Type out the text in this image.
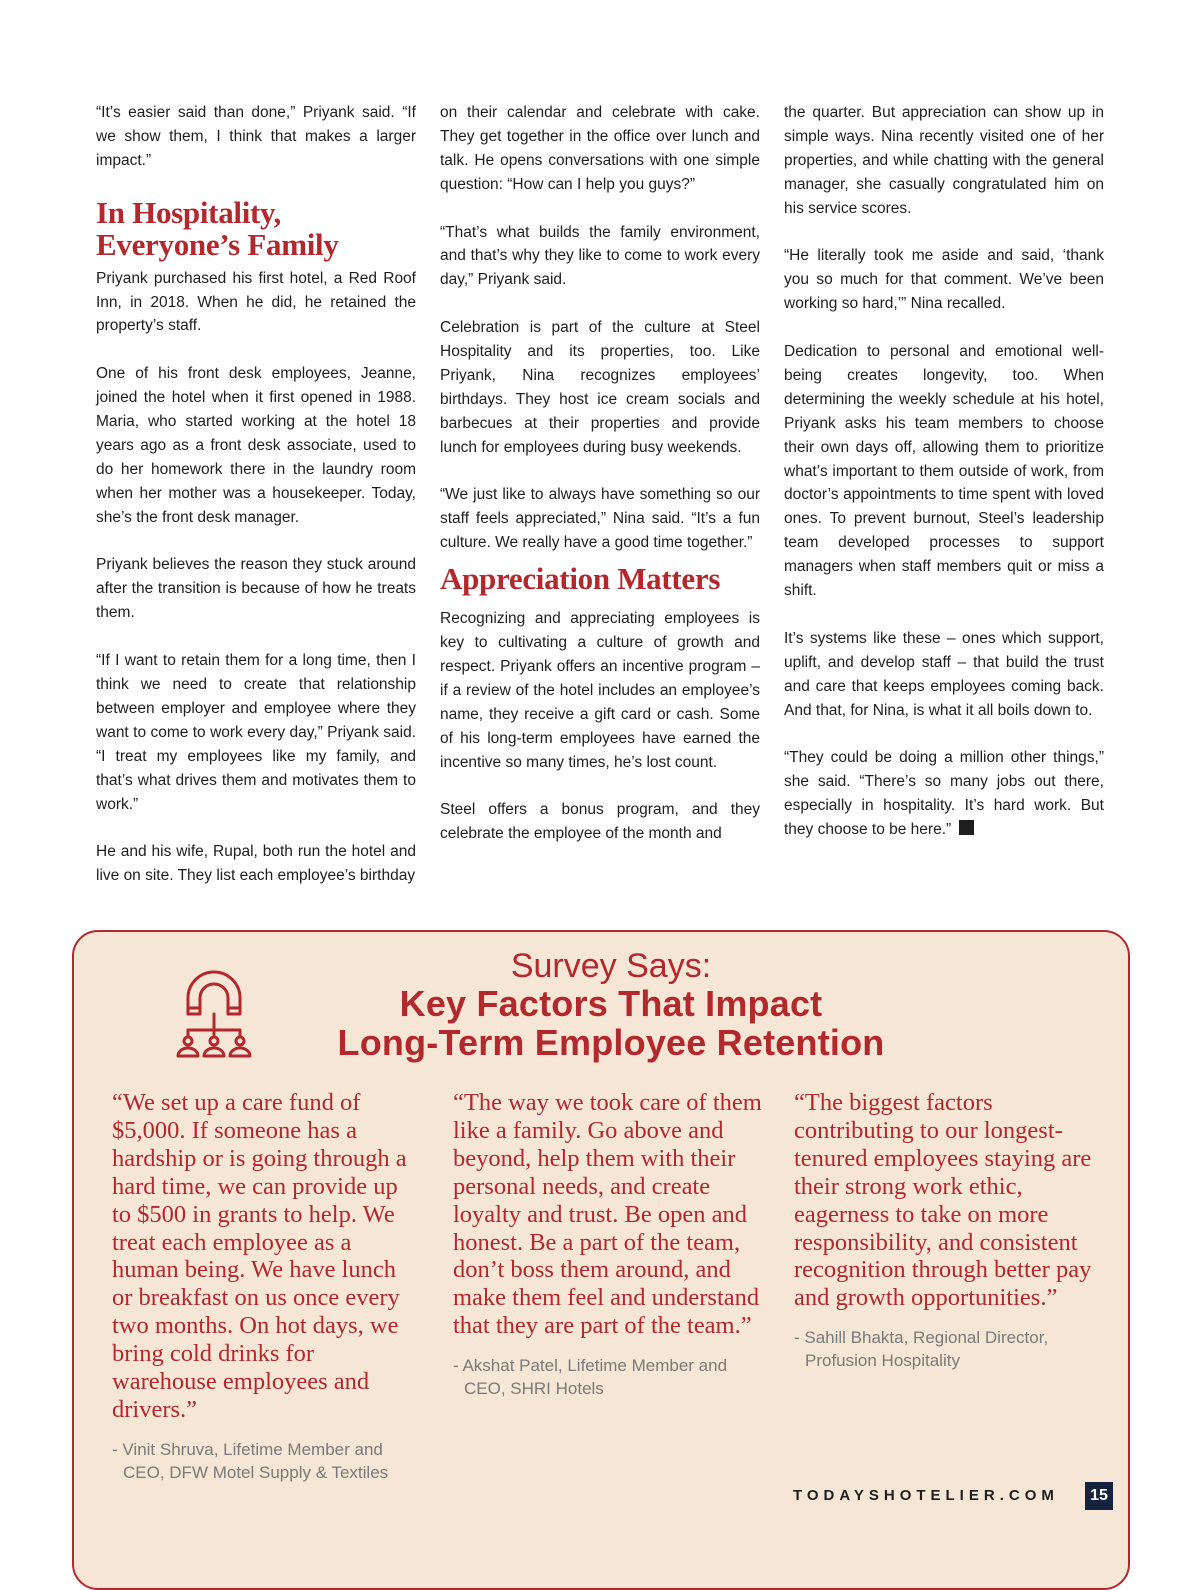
“It’s easier said than done,” Priyank said. “If we show them, I think that makes a larger impact.”

In Hospitality, Everyone’s Family

Priyank purchased his first hotel, a Red Roof Inn, in 2018. When he did, he retained the property’s staff.

One of his front desk employees, Jeanne, joined the hotel when it first opened in 1988. Maria, who started working at the hotel 18 years ago as a front desk associate, used to do her homework there in the laundry room when her mother was a housekeeper. Today, she’s the front desk manager.

Priyank believes the reason they stuck around after the transition is because of how he treats them.

“If I want to retain them for a long time, then I think we need to create that relationship between employer and employee where they want to come to work every day,” Priyank said. “I treat my employees like my family, and that’s what drives them and motivates them to work.”

He and his wife, Rupal, both run the hotel and live on site. They list each employee’s birthday

on their calendar and celebrate with cake. They get together in the office over lunch and talk. He opens conversations with one simple question: “How can I help you guys?”

“That’s what builds the family environment, and that’s why they like to come to work every day,” Priyank said.

Celebration is part of the culture at Steel Hospitality and its properties, too. Like Priyank, Nina recognizes employees’ birthdays. They host ice cream socials and barbecues at their properties and provide lunch for employees during busy weekends.

“We just like to always have something so our staff feels appreciated,” Nina said. “It’s a fun culture. We really have a good time together.”

Appreciation Matters

Recognizing and appreciating employees is key to cultivating a culture of growth and respect. Priyank offers an incentive program – if a review of the hotel includes an employee’s name, they receive a gift card or cash. Some of his long-term employees have earned the incentive so many times, he’s lost count.

Steel offers a bonus program, and they celebrate the employee of the month and

the quarter. But appreciation can show up in simple ways. Nina recently visited one of her properties, and while chatting with the general manager, she casually congratulated him on his service scores.

“He literally took me aside and said, ‘thank you so much for that comment. We’ve been working so hard,’” Nina recalled.

Dedication to personal and emotional well-being creates longevity, too. When determining the weekly schedule at his hotel, Priyank asks his team members to choose their own days off, allowing them to prioritize what’s important to them outside of work, from doctor’s appointments to time spent with loved ones. To prevent burnout, Steel’s leadership team developed processes to support managers when staff members quit or miss a shift.

It’s systems like these – ones which support, uplift, and develop staff – that build the trust and care that keeps employees coming back. And that, for Nina, is what it all boils down to.

“They could be doing a million other things,” she said. “There’s so many jobs out there, especially in hospitality. It’s hard work. But they choose to be here.”

Survey Says:
Key Factors That Impact
Long-Term Employee Retention

“We set up a care fund of $5,000. If someone has a hardship or is going through a hard time, we can provide up to $500 in grants to help. We treat each employee as a human being. We have lunch or breakfast on us once every two months. On hot days, we bring cold drinks for warehouse employees and drivers.”

- Vinit Shruva, Lifetime Member and CEO, DFW Motel Supply & Textiles

“The way we took care of them like a family. Go above and beyond, help them with their personal needs, and create loyalty and trust. Be open and honest. Be a part of the team, don’t boss them around, and make them feel and understand that they are part of the team.”

- Akshat Patel, Lifetime Member and CEO, SHRI Hotels

“The biggest factors contributing to our longest-tenured employees staying are their strong work ethic, eagerness to take on more responsibility, and consistent recognition through better pay and growth opportunities.”

- Sahill Bhakta, Regional Director, Profusion Hospitality

TODAYSHOTELIER.COM	15
